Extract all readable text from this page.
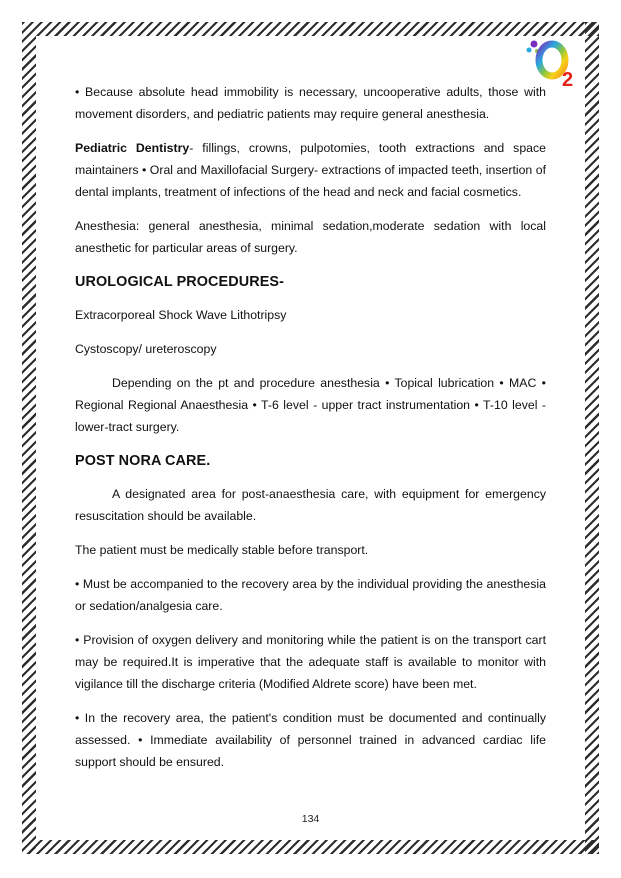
2

• Because absolute head immobility is necessary, uncooperative adults, those with movement disorders, and pediatric patients may require general anesthesia.

Pediatric Dentistry- fillings, crowns, pulpotomies, tooth extractions and space maintainers • Oral and Maxillofacial Surgery- extractions of impacted teeth, insertion of dental implants, treatment of infections of the head and neck and facial cosmetics.

Anesthesia: general anesthesia, minimal sedation,moderate sedation with local anesthetic for particular areas of surgery.

UROLOGICAL PROCEDURES-

Extracorporeal Shock Wave Lithotripsy

Cystoscopy/ ureteroscopy

Depending on the pt and procedure anesthesia • Topical lubrication • MAC • Regional Regional Anaesthesia • T-6 level - upper tract instrumentation • T-10 level - lower-tract surgery.

POST NORA CARE.

A designated area for post-anaesthesia care, with equipment for emergency resuscitation should be available.

The patient must be medically stable before transport.

• Must be accompanied to the recovery area by the individual providing the anesthesia or sedation/analgesia care.

• Provision of oxygen delivery and monitoring while the patient is on the transport cart may be required.It is imperative that the adequate staff is available to monitor with vigilance till the discharge criteria (Modified Aldrete score) have been met.

• In the recovery area, the patient's condition must be documented and continually assessed. • Immediate availability of personnel trained in advanced cardiac life support should be ensured.

134
